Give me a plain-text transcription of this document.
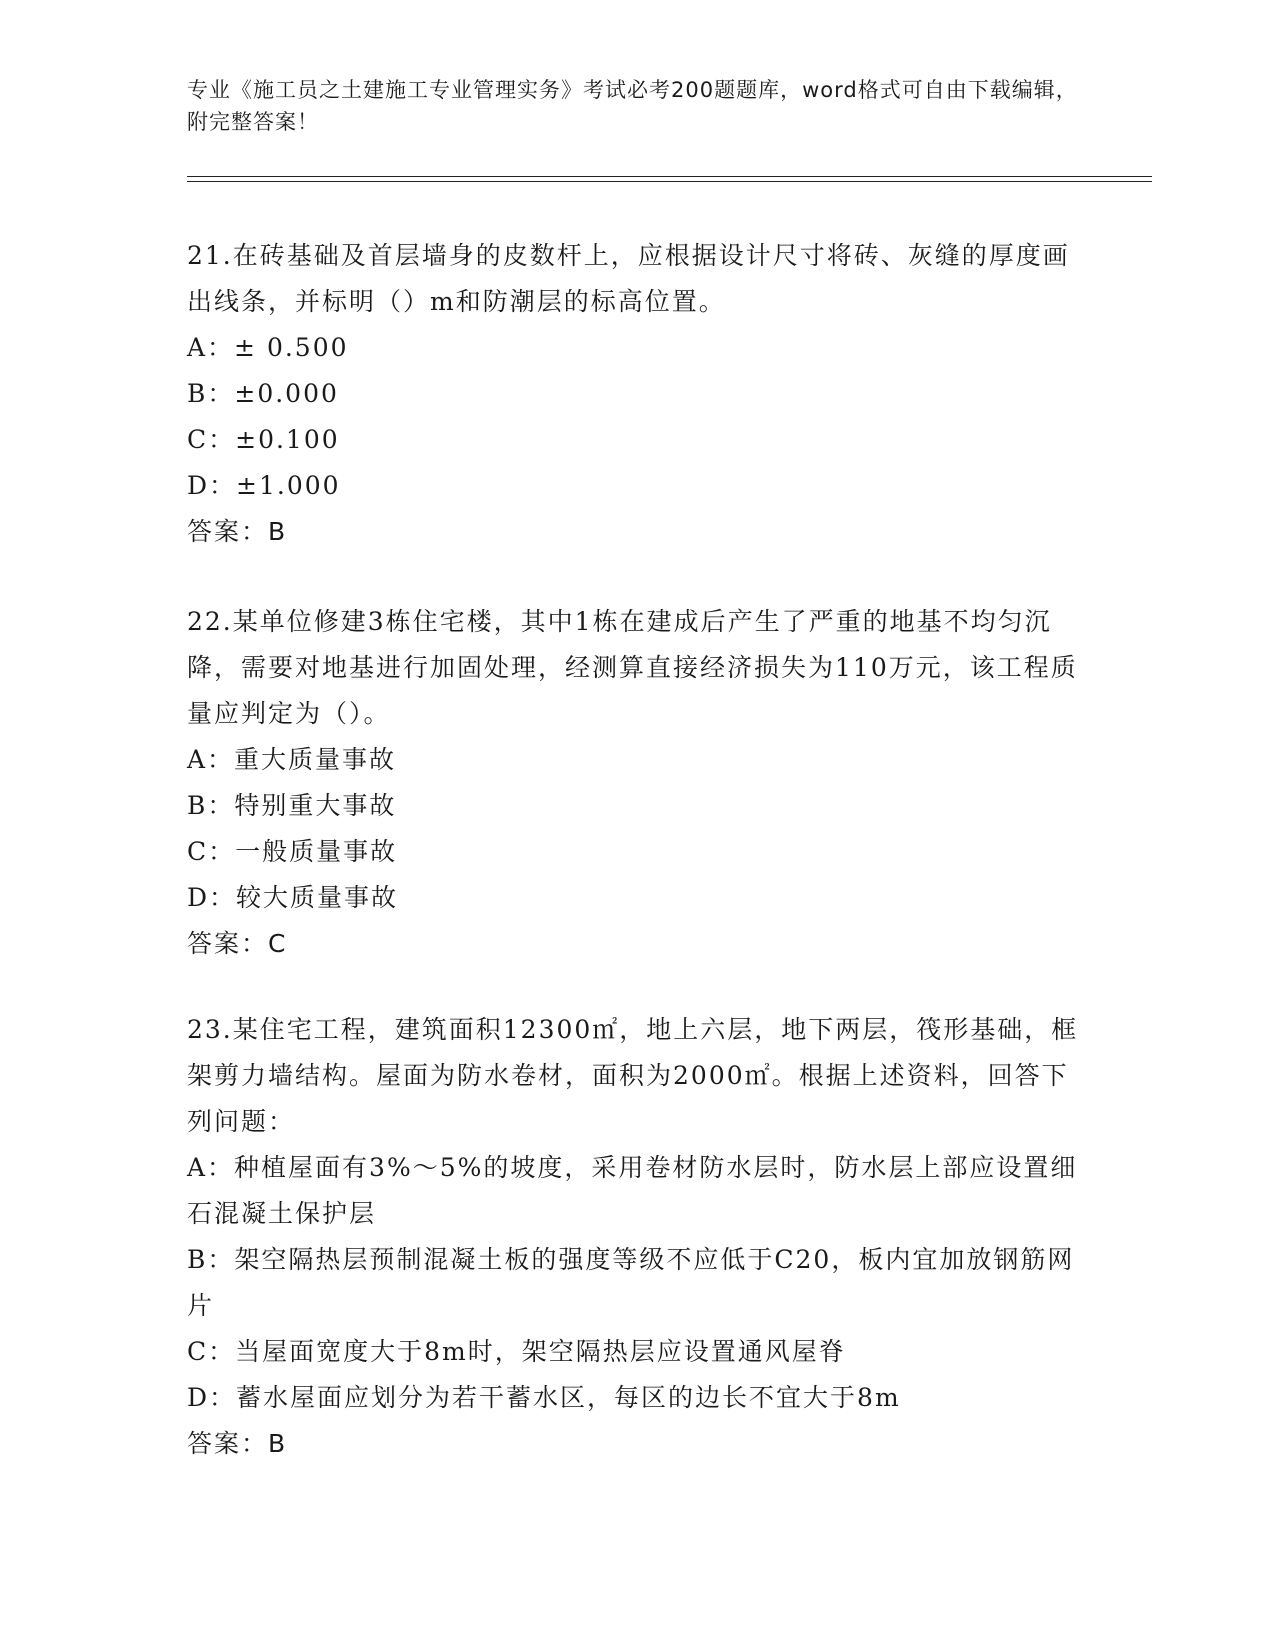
专业《施工员之土建施工专业管理实务》考试必考200题题库，word格式可自由下载编辑，附完整答案！
21.在砖基础及首层墙身的皮数杆上，应根据设计尺寸将砖、灰缝的厚度画出线条，并标明（）m和防潮层的标高位置。
A：± 0.500
B：±0.000
C：±0.100
D：±1.000
答案：B
22.某单位修建3栋住宅楼，其中1栋在建成后产生了严重的地基不均匀沉降，需要对地基进行加固处理，经测算直接经济损失为110万元，该工程质量应判定为（）。
A：重大质量事故
B：特别重大事故
C：一般质量事故
D：较大质量事故
答案：C
23.某住宅工程，建筑面积12300㎡，地上六层，地下两层，筏形基础，框架剪力墙结构。屋面为防水卷材，面积为2000㎡。根据上述资料，回答下列问题：
A：种植屋面有3%～5%的坡度，采用卷材防水层时，防水层上部应设置细石混凝土保护层
B：架空隔热层预制混凝土板的强度等级不应低于C20，板内宜加放钢筋网片
C：当屋面宽度大于8m时，架空隔热层应设置通风屋脊
D：蓄水屋面应划分为若干蓄水区，每区的边长不宜大于8m
答案：B
